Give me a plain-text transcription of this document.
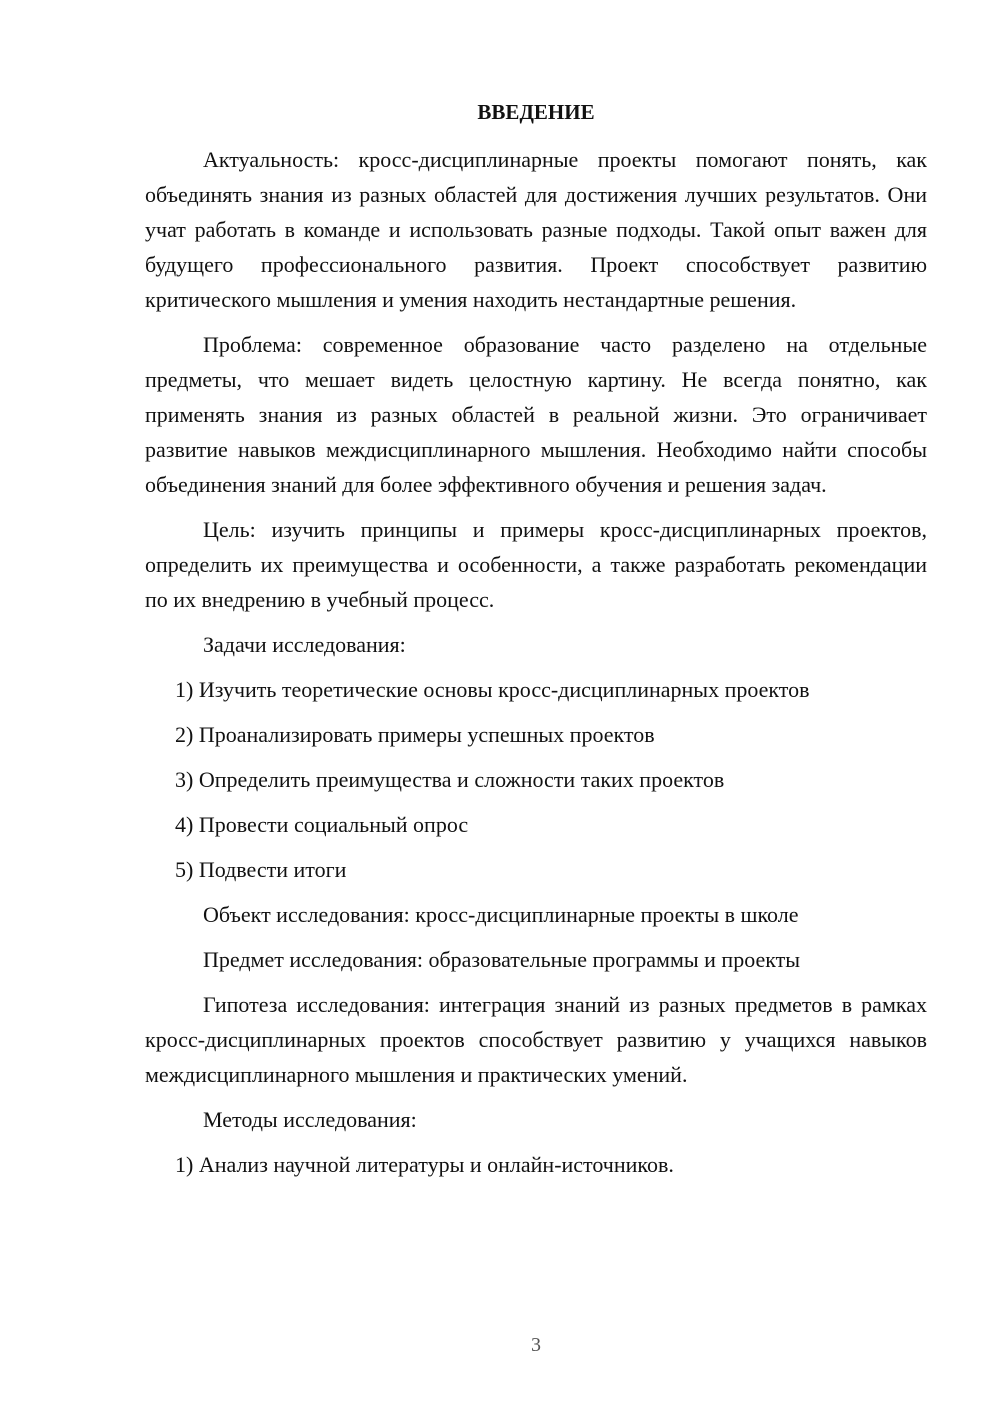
ВВЕДЕНИЕ

Актуальность: кросс-дисциплинарные проекты помогают понять, как объединять знания из разных областей для достижения лучших результатов. Они учат работать в команде и использовать разные подходы. Такой опыт важен для будущего профессионального развития. Проект способствует развитию критического мышления и умения находить нестандартные решения.

Проблема: современное образование часто разделено на отдельные предметы, что мешает видеть целостную картину. Не всегда понятно, как применять знания из разных областей в реальной жизни. Это ограничивает развитие навыков междисциплинарного мышления. Необходимо найти способы объединения знаний для более эффективного обучения и решения задач.

Цель: изучить принципы и примеры кросс-дисциплинарных проектов, определить их преимущества и особенности, а также разработать рекомендации по их внедрению в учебный процесс.

Задачи исследования:

1) Изучить теоретические основы кросс-дисциплинарных проектов

2) Проанализировать примеры успешных проектов

3) Определить преимущества и сложности таких проектов

4) Провести социальный опрос

5) Подвести итоги

Объект исследования: кросс-дисциплинарные проекты в школе

Предмет исследования: образовательные программы и проекты

Гипотеза исследования: интеграция знаний из разных предметов в рамках кросс-дисциплинарных проектов способствует развитию у учащихся навыков междисциплинарного мышления и практических умений.

Методы исследования:

1) Анализ научной литературы и онлайн-источников.

3
